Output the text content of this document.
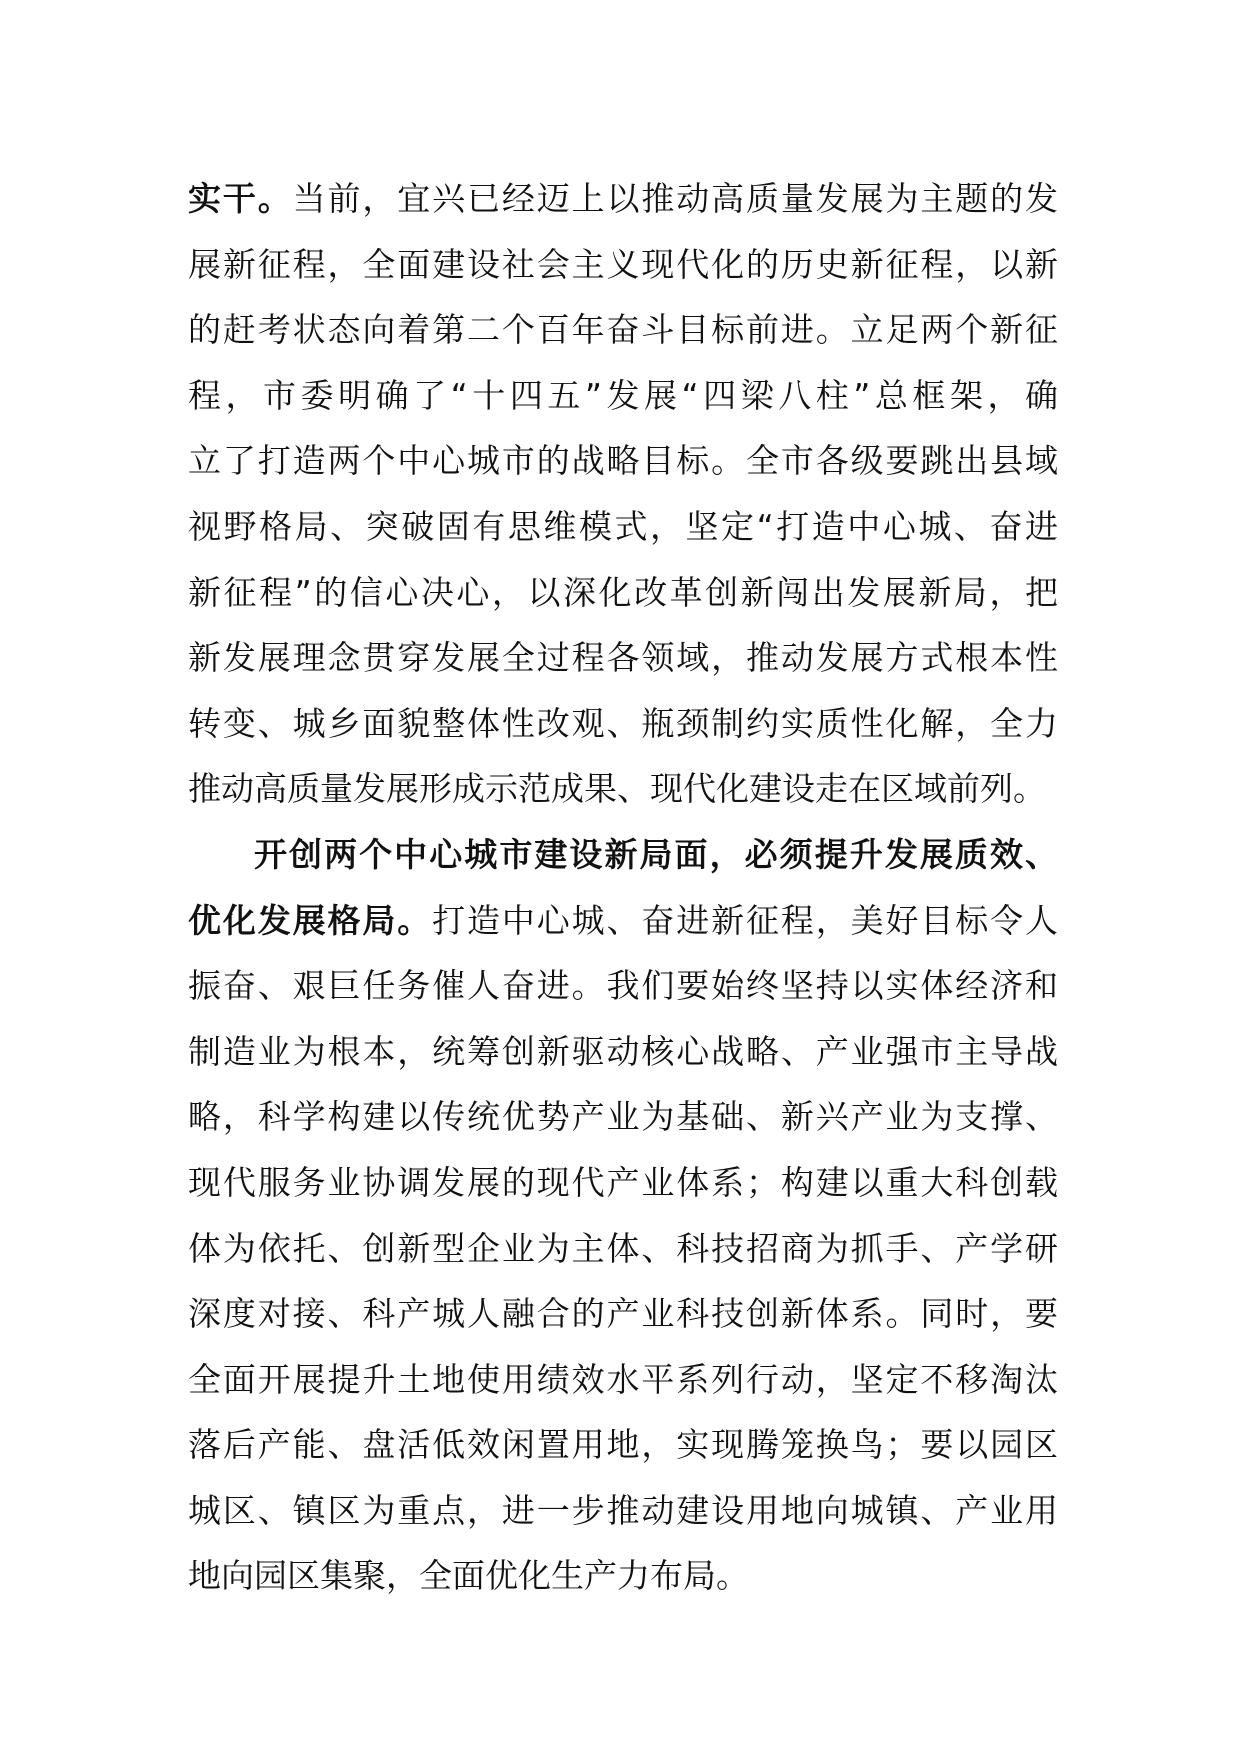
实干。当前，宜兴已经迈上以推动高质量发展为主题的发
展新征程，全面建设社会主义现代化的历史新征程，以新
的赶考状态向着第二个百年奋斗目标前进。立足两个新征
程，市委明确了“十四五”发展“四梁八柱”总框架，确
立了打造两个中心城市的战略目标。全市各级要跳出县域
视野格局、突破固有思维模式，坚定“打造中心城、奋进
新征程”的信心决心，以深化改革创新闯出发展新局，把
新发展理念贯穿发展全过程各领域，推动发展方式根本性
转变、城乡面貌整体性改观、瓶颈制约实质性化解，全力
推动高质量发展形成示范成果、现代化建设走在区域前列。
开创两个中心城市建设新局面，必须提升发展质效、
优化发展格局。打造中心城、奋进新征程，美好目标令人
振奋、艰巨任务催人奋进。我们要始终坚持以实体经济和
制造业为根本，统筹创新驱动核心战略、产业强市主导战
略，科学构建以传统优势产业为基础、新兴产业为支撑、
现代服务业协调发展的现代产业体系；构建以重大科创载
体为依托、创新型企业为主体、科技招商为抓手、产学研
深度对接、科产城人融合的产业科技创新体系。同时，要
全面开展提升土地使用绩效水平系列行动，坚定不移淘汰
落后产能、盘活低效闲置用地，实现腾笼换鸟；要以园区
城区、镇区为重点，进一步推动建设用地向城镇、产业用
地向园区集聚，全面优化生产力布局。
